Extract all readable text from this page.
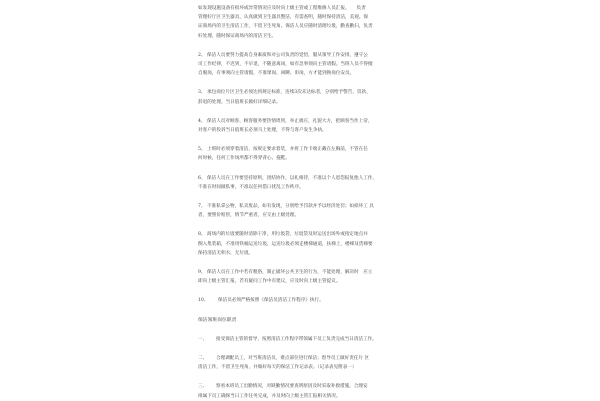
如发现设施设备有损坏或异常情况应及时向上级主管或工程维修人员汇报。　　负责
管理好厅区卫生器具，认真做到卫生器具整洁，有需查明，随时保持清洁，美观。保
证商场内的卫生清洁工作，不留卫生死角。保洁人员应随时清理垃圾，勤查勤扫，负责
好处理，随时保证商场内的清洁卫生。

2、保洁人员要努力提高自身素质和对公司负责的觉悟，服从领导工作安排，遵守公
司工作纪律，不迟到，不早退，不随意离岗，如有急事须向主管请假。当班人员不得擅
自脱岗，有事须向主管请假，不准窜岗、闲聊、串岗，方才能到换岗位安员。

3、承包岗位片区卫生必须达到规定标准，连续3次未达标者，分别给予警告、罚款、
辞退的处理。当日值班长做好详细记录。

4、保洁人员对顾客、顾客服务要热情周到，举止端庄，礼貌大方，把顾客当作上帝，
对客户的投诉当日值班长必须马上处理，不得与客户发生争执。

5、上班时必须穿着清洁，按规定要求着装，并将工作卡端正戴在左胸前，不管在任
何时候，任何工作场所都不得穿背心、拖鞋。

6、保洁人员在工作要坚持原则，团结协作，以礼相待，不准以个人恩怨报复他人工作，
不准在时间做私事，不准以任何借口扰乱工作秩序。

7、不准私拿公物，私卖废品，如有发现，分别给予罚款并予以经济处罚；如损坏工 具
者，要照价赔偿，情节严重者，应交由上级处理。

8、商场内的垃圾要随时清除干净，用垃圾袋，垃圾袋及时运送出场外或指定地点并
倒入集装箱，不准用铁桶运送垃圾，运送垃圾必须走楼梯通道，扶梯上，楼梯及货梯要
保持清洁无积水，无垃圾。

9、保洁人员在工作中若有粗俗，制止破坏公共卫生的行为，不能处理，解决时　应立
即向上级主管汇报，若有疑问工作中有建议，应及时向上级主管提议。

10、 保洁员必须严格按照《保洁员清洁工作程序》执行。

保洁领班岗位职责

一、 接受保洁主管的督导，按照清洁工作程序带领属下员工负责完成当日清洁工作。

二、 合理调配员工，对当班清洁员，难点部位进行保洁；督导员工做好责任片 区
清洁工作，不留卫生死角，并做好每天的保洁工作记录表。（记录表见附表一）

三、 察看本班员工出勤情况，对缺勤情况要查明原因及时采取补救措施。合理安
排属下员工确保当日工作任务完成，并及时向上级主管汇报相关情况。
